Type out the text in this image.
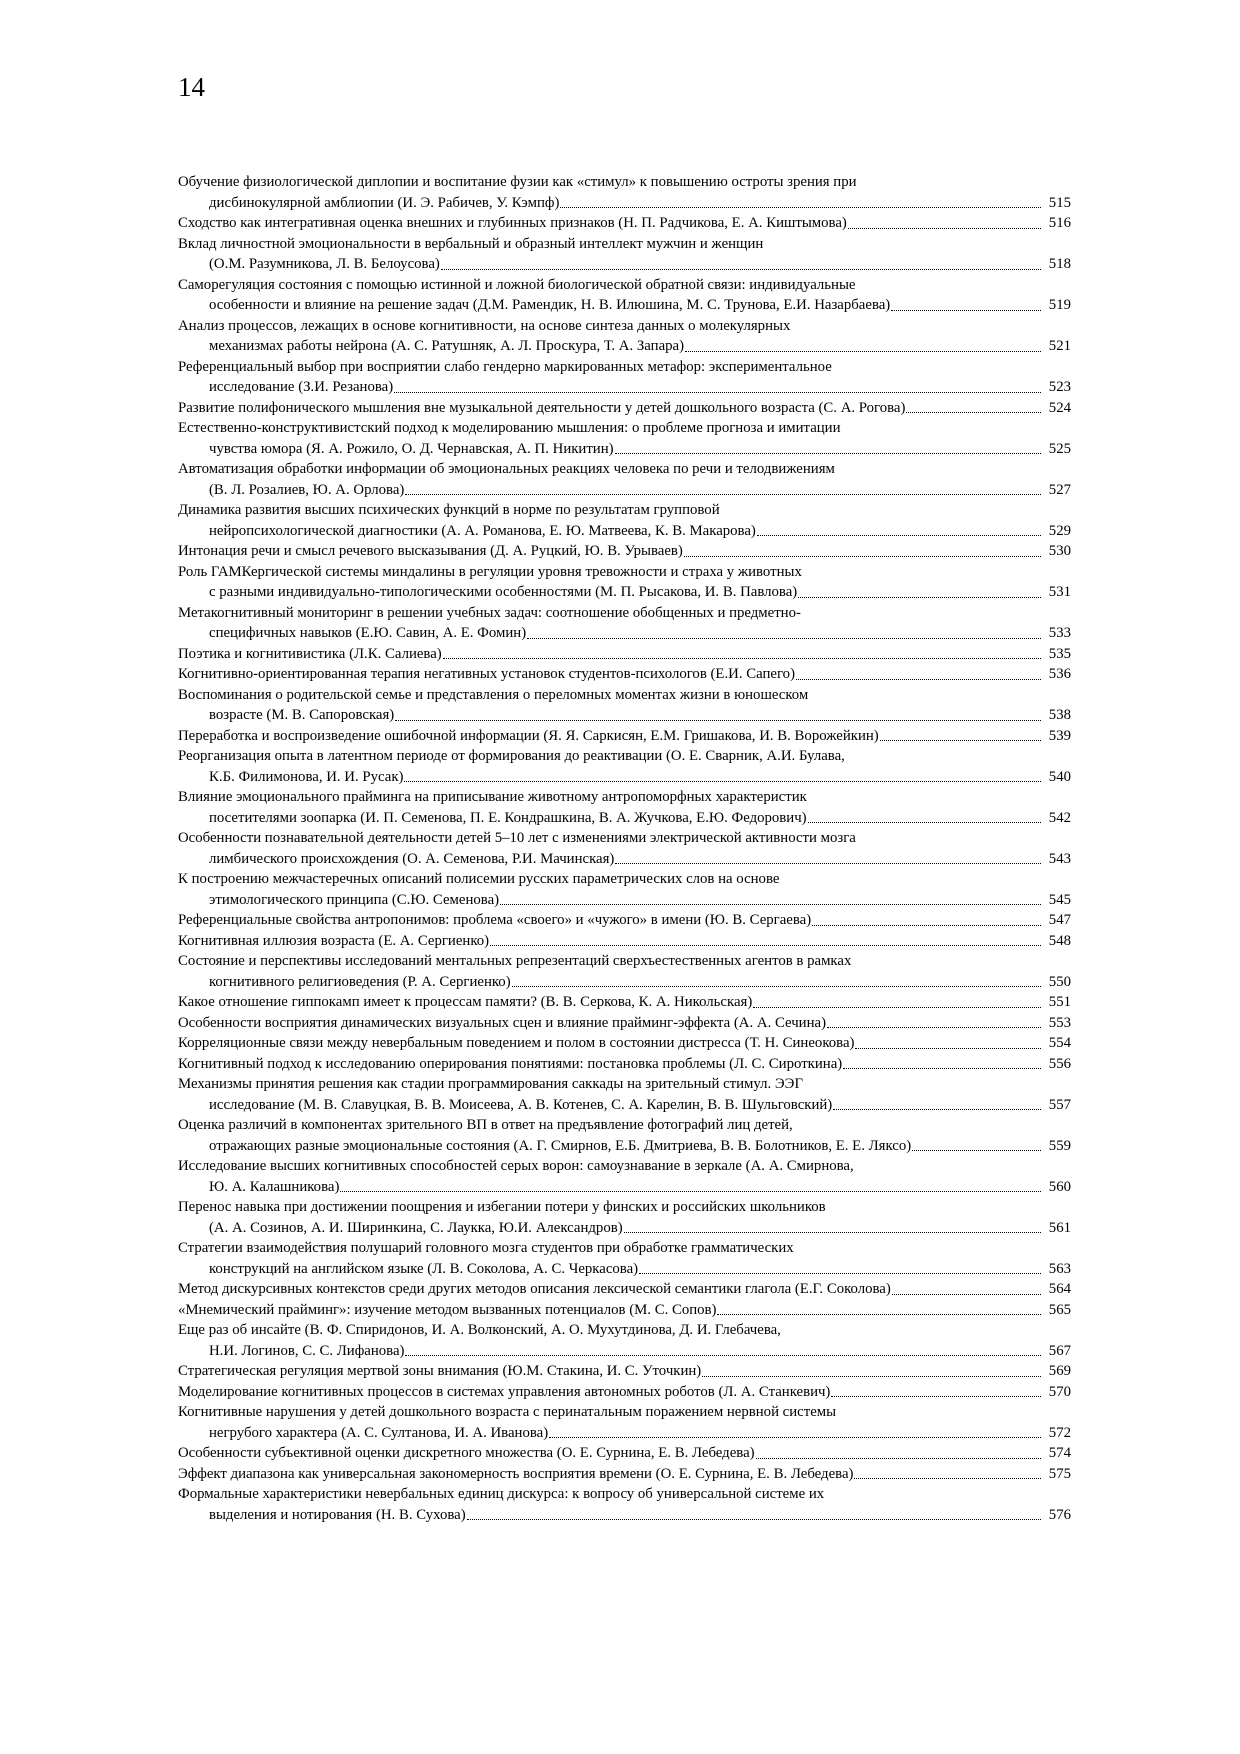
14
Обучение физиологической диплопии и воспитание фузии как «стимул» к повышению остроты зрения при
дисбинокулярной амблиопии (И. Э. Рабичев, У. Кэмпф)	515
Сходство как интегративная оценка внешних и глубинных признаков (Н. П. Радчикова, Е. А. Киштымова)	516
Вклад личностной эмоциональности в вербальный и образный интеллект мужчин и женщин
(О.М. Разумникова, Л. В. Белоусова)	518
Саморегуляция состояния с помощью истинной и ложной биологической обратной связи: индивидуальные
особенности и влияние на решение задач (Д.М. Рамендик, Н. В. Илюшина, М. С. Трунова, Е.И. Назарбаева)	519
Анализ процессов, лежащих в основе когнитивности, на основе синтеза данных о молекулярных
механизмах работы нейрона (А. С. Ратушняк, А. Л. Проскура, Т. А. Запара)	521
Референциальный выбор при восприятии слабо гендерно маркированных метафор: экспериментальное
исследование (З.И. Резанова)	523
Развитие полифонического мышления вне музыкальной деятельности у детей дошкольного возраста (С. А. Рогова)	524
Естественно-конструктивистский подход к моделированию мышления: о проблеме прогноза и имитации
чувства юмора (Я. А. Рожило, О. Д. Чернавская, А. П. Никитин)	525
Автоматизация обработки информации об эмоциональных реакциях человека по речи и телодвижениям
(В. Л. Розалиев, Ю. А. Орлова)	527
Динамика развития высших психических функций в норме по результатам групповой
нейропсихологической диагностики (А. А. Романова, Е. Ю. Матвеева, К. В. Макарова)	529
Интонация речи и смысл речевого высказывания (Д. А. Руцкий, Ю. В. Урываев)	530
Роль ГАМКергической системы миндалины в регуляции уровня тревожности и страха у животных
с разными индивидуально-типологическими особенностями (М. П. Рысакова, И. В. Павлова)	531
Метакогнитивный мониторинг в решении учебных задач: соотношение обобщенных и предметно-
специфичных навыков (Е.Ю. Савин, А. Е. Фомин)	533
Поэтика и когнитивистика (Л.К. Салиева)	535
Когнитивно-ориентированная терапия негативных установок студентов-психологов (Е.И. Сапего)	536
Воспоминания о родительской семье и представления о переломных моментах жизни в юношеском
возрасте (М. В. Сапоровская)	538
Переработка и воспроизведение ошибочной информации (Я. Я. Саркисян, Е.М. Гришакова, И. В. Ворожейкин)	539
Реорганизация опыта в латентном периоде от формирования до реактивации (О. Е. Сварник, А.И. Булава,
К.Б. Филимонова, И. И. Русак)	540
Влияние эмоционального прайминга на приписывание животному антропоморфных характеристик
посетителями зоопарка (И. П. Семенова, П. Е. Кондрашкина, В. А. Жучкова, Е.Ю. Федорович)	542
Особенности познавательной деятельности детей 5–10 лет с изменениями электрической активности мозга
лимбического происхождения (О. А. Семенова, Р.И. Мачинская)	543
К построению межчастеречных описаний полисемии русских параметрических слов на основе
этимологического принципа (С.Ю. Семенова)	545
Референциальные свойства антропонимов: проблема «своего» и «чужого» в имени (Ю. В. Сергаева)	547
Когнитивная иллюзия возраста (Е. А. Сергиенко)	548
Состояние и перспективы исследований ментальных репрезентаций сверхъестественных агентов в рамках
когнитивного религиоведения (Р. А. Сергиенко)	550
Какое отношение гиппокамп имеет к процессам памяти? (В. В. Серкова, К. А. Никольская)	551
Особенности восприятия динамических визуальных сцен и влияние прайминг-эффекта (А. А. Сечина)	553
Корреляционные связи между невербальным поведением и полом в состоянии дистресса (Т. Н. Синеокова)	554
Когнитивный подход к исследованию оперирования понятиями: постановка проблемы (Л. С. Сироткина)	556
Механизмы принятия решения как стадии программирования саккады на зрительный стимул. ЭЭГ
исследование (М. В. Славуцкая, В. В. Моисеева, А. В. Котенев, С. А. Карелин, В. В. Шульговский)	557
Оценка различий в компонентах зрительного ВП в ответ на предъявление фотографий лиц детей,
отражающих разные эмоциональные состояния (А. Г. Смирнов, Е.Б. Дмитриева, В. В. Болотников, Е. Е. Ляксо)	559
Исследование высших когнитивных способностей серых ворон: самоузнавание в зеркале (А. А. Смирнова,
Ю. А. Калашникова)	560
Перенос навыка при достижении поощрения и избегании потери у финских и российских школьников
(А. А. Созинов, А. И. Ширинкина, С. Лаукка, Ю.И. Александров)	561
Стратегии взаимодействия полушарий головного мозга студентов при обработке грамматических
конструкций на английском языке (Л. В. Соколова, А. С. Черкасова)	563
Метод дискурсивных контекстов среди других методов описания лексической семантики глагола (Е.Г. Соколова)	564
«Мнемический прайминг»: изучение методом вызванных потенциалов (М. С. Сопов)	565
Еще раз об инсайте (В. Ф. Спиридонов, И. А. Волконский, А. О. Мухутдинова, Д. И. Глебачева,
Н.И. Логинов, С. С. Лифанова)	567
Стратегическая регуляция мертвой зоны внимания (Ю.М. Стакина, И. С. Уточкин)	569
Моделирование когнитивных процессов в системах управления автономных роботов (Л. А. Станкевич)	570
Когнитивные нарушения у детей дошкольного возраста с перинатальным поражением нервной системы
негрубого характера (А. С. Султанова, И. А. Иванова)	572
Особенности субъективной оценки дискретного множества (О. Е. Сурнина, Е. В. Лебедева)	574
Эффект диапазона как универсальная закономерность восприятия времени (О. Е. Сурнина, Е. В. Лебедева)	575
Формальные характеристики невербальных единиц дискурса: к вопросу об универсальной системе их
выделения и нотирования (Н. В. Сухова)	576
